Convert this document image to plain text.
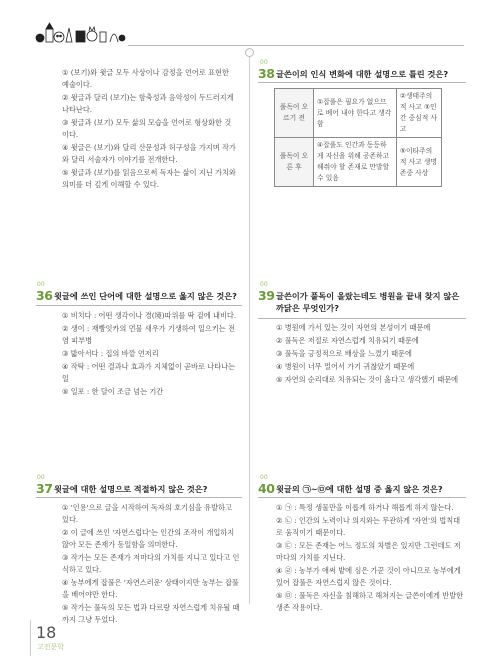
① (보기)와 윗글 모두 사상이나 감정을 언어로 표현한 예술이다.
② 윗글과 달리 (보기)는 함축성과 음악성이 두드러지게 나타난다.
③ 윗글과 (보기) 모두 삶의 모습을 언어로 형상화한 것이다.
④ 윗글은 (보기)와 달리 산문성과 허구성을 가지며 작가와 달리 서술자가 이야기를 전개한다.
⑤ 윗글과 (보기)를 읽음으로써 독자는 삶이 지닌 가치와 의미를 더 깊게 이해할 수 있다.
00
36 윗글에 쓰인 단어에 대한 설명으로 옳지 않은 것은?
① 비치다 : 어떤 생각이나 경(境)따위를 딱 겉에 내비다.
② 생이 : 재빵잇카의 먼물 새우가 기생하여 일으키는 전염 피부병
③ 밟아서다 : 집의 바깥 언저리
④ 작탁 : 어떤 결과나 효과가 지체없이 곧바로 나타나는 일
⑤ 일포 : 한 달이 조금 넘는 기간
00
37 윗글에 대한 설명으로 적절하지 않은 것은?
① '인용'으로 글을 시작하여 독자의 호기심을 유발하고 있다.
② 이 글에 쓰인 '자연스럽다'는 인간의 조작이 개입하지 않아 모든 존재가 동일함을 의미한다.
③ 작가는 모든 존재가 저마다의 가치를 지니고 있다고 인식하고 있다.
④ 농부에게 잡풀은 '자연스러운' 상태이지만 농부는 잡풀을 베어야만 한다.
⑤ 작가는 풀독의 모든 법과 다르랑 자연스럽게 치유될 때까지 그냥 두었다.
00
38 글쓴이의 인식 변화에 대한 설명으로 틀린 것은?
풀독이 오르기 전	①잡풀은 필요가 없으므로 베어 내야 한다고 생각함	②생태주의적 사고 ③인간 중심적 사고
풀독이 오른 후	④잡풀도 인간과 동등하게 자신을 위해 공존하고 해줘야 할 존재로 만발할 수 있음	⑤이타주의적 사고 생명 존중 사상
00
39 글쓴이가 풀독이 올랐는데도 병원을 끝내 찾지 않은 까닭은 무엇인가?
① 병원에 가서 있는 것이 자연의 본성이기 때문에
② 풀독은 저절로 자연스럽게 치유되기 때문에
③ 풀독을 긍정적으로 배상을 느꼈기 때문에
④ 병원이 너무 멀어서 가기 귀찮았기 때문에
⑤ 자연의 순리대로 치유되는 것이 옳다고 생각했기 때문에
00
40 윗글의 ㉠~㉤에 대한 설명 중 옳지 않은 것은?
① ㉠ : 특정 생물만을 이롭게 하거나 해롭게 하지 않는다.
② ㉡ : 인간의 노력이나 의지와는 무관하게 '자연'의 법칙대로 움직이기 때문이다.
③ ㉢ : 모든 존재는 어느 정도의 차별은 있지만 그런데도 저마다의 가치를 지닌다.
④ ㉣ : 농부가 애써 밭에 심은 가꾼 것이 아니므로 농부에게 있어 잡풀은 자연스럽지 않은 것이다.
⑤ ㉤ : 풀독은 자신을 침해하고 해쳐지는 글쓴이에게 반발한 생존 작용이다.
18
고전문학
